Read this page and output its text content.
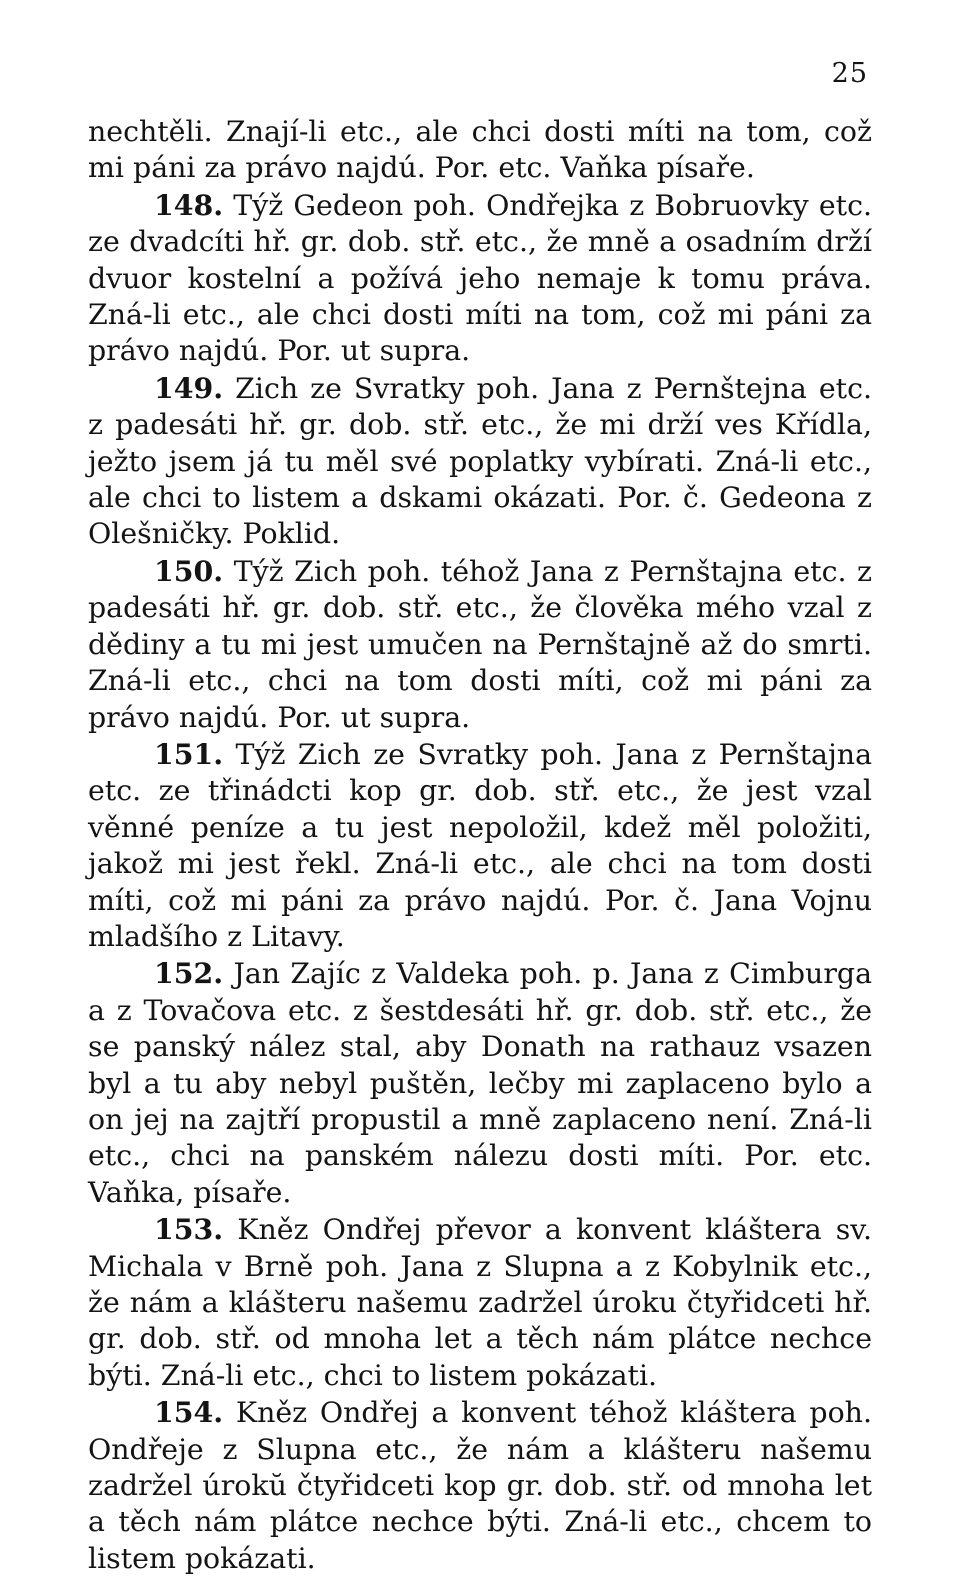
25

nechtěli. Znají-li etc., ale chci dosti míti na tom, což mi páni za právo najdú. Por. etc. Vaňka písaře.

148. Týž Gedeon poh. Ondřejka z Bobruovky etc. ze dvadcíti hř. gr. dob. stř. etc., že mně a osadním drží dvuor kostelní a požívá jeho nemaje k tomu práva. Zná-li etc., ale chci dosti míti na tom, což mi páni za právo najdú. Por. ut supra.

149. Zich ze Svratky poh. Jana z Pernštejna etc. z padesáti hř. gr. dob. stř. etc., že mi drží ves Křídla, ježto jsem já tu měl své poplatky vybírati. Zná-li etc., ale chci to listem a dskami okázati. Por. č. Gedeona z Olešničky. Poklid.

150. Týž Zich poh. téhož Jana z Pernštajna etc. z padesáti hř. gr. dob. stř. etc., že člověka mého vzal z dědiny a tu mi jest umučen na Pernštajně až do smrti. Zná-li etc., chci na tom dosti míti, což mi páni za právo najdú. Por. ut supra.

151. Týž Zich ze Svratky poh. Jana z Pernštajna etc. ze třinádcti kop gr. dob. stř. etc., že jest vzal věnné peníze a tu jest nepoložil, kdež měl položiti, jakož mi jest řekl. Zná-li etc., ale chci na tom dosti míti, což mi páni za právo najdú. Por. č. Jana Vojnu mladšího z Litavy.

152. Jan Zajíc z Valdeka poh. p. Jana z Cimburga a z Tovačova etc. z šestdesáti hř. gr. dob. stř. etc., že se panský nález stal, aby Donath na rathauz vsazen byl a tu aby nebyl puštěn, lečby mi zaplaceno bylo a on jej na zajtří propustil a mně zaplaceno není. Zná-li etc., chci na panském nálezu dosti míti. Por. etc. Vaňka, písaře.

153. Kněz Ondřej převor a konvent kláštera sv. Michala v Brně poh. Jana z Slupna a z Kobylnik etc., že nám a klášteru našemu zadržel úroku čtyřidceti hř. gr. dob. stř. od mnoha let a těch nám plátce nechce býti. Zná-li etc., chci to listem pokázati.

154. Kněz Ondřej a konvent téhož kláštera poh. Ondřeje z Slupna etc., že nám a klášteru našemu zadržel úrokŭ čtyřidceti kop gr. dob. stř. od mnoha let a těch nám plátce nechce býti. Zná-li etc., chcem to listem pokázati.
